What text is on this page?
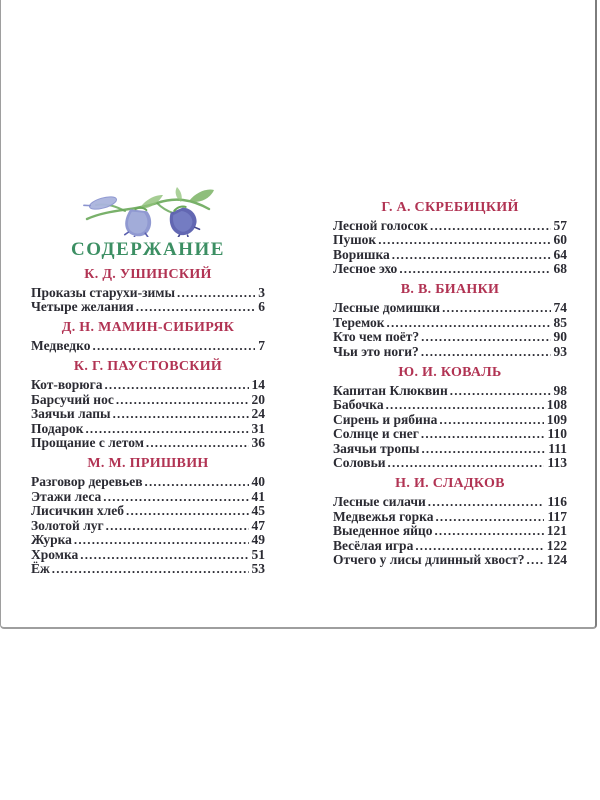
СОДЕРЖАНИЕ
К. Д. УШИНСКИЙ
Проказы старухи-зимы .....	3
Четыре желания .....	6
Д. Н. МАМИН-СИБИРЯК
Медведко .....	7
К. Г. ПАУСТОВСКИЙ
Кот-ворюга .....	14
Барсучий нос .....	20
Заячьи лапы .....	24
Подарок .....	31
Прощание с летом .....	36
М. М. ПРИШВИН
Разговор деревьев .....	40
Этажи леса .....	41
Лисичкин хлеб .....	45
Золотой луг .....	47
Журка .....	49
Хромка .....	51
Ёж .....	53
Г. А. СКРЕБИЦКИЙ
Лесной голосок .....	57
Пушок .....	60
Воришка .....	64
Лесное эхо .....	68
В. В. БИАНКИ
Лесные домишки .....	74
Теремок .....	85
Кто чем поёт? .....	90
Чьи это ноги? .....	93
Ю. И. КОВАЛЬ
Капитан Клюквин .....	98
Бабочка .....	108
Сирень и рябина .....	109
Солнце и снег .....	110
Заячьи тропы .....	111
Соловьи .....	113
Н. И. СЛАДКОВ
Лесные силачи .....	116
Медвежья горка .....	117
Выеденное яйцо .....	121
Весёлая игра .....	122
Отчего у лисы длинный хвост? ..... 124
